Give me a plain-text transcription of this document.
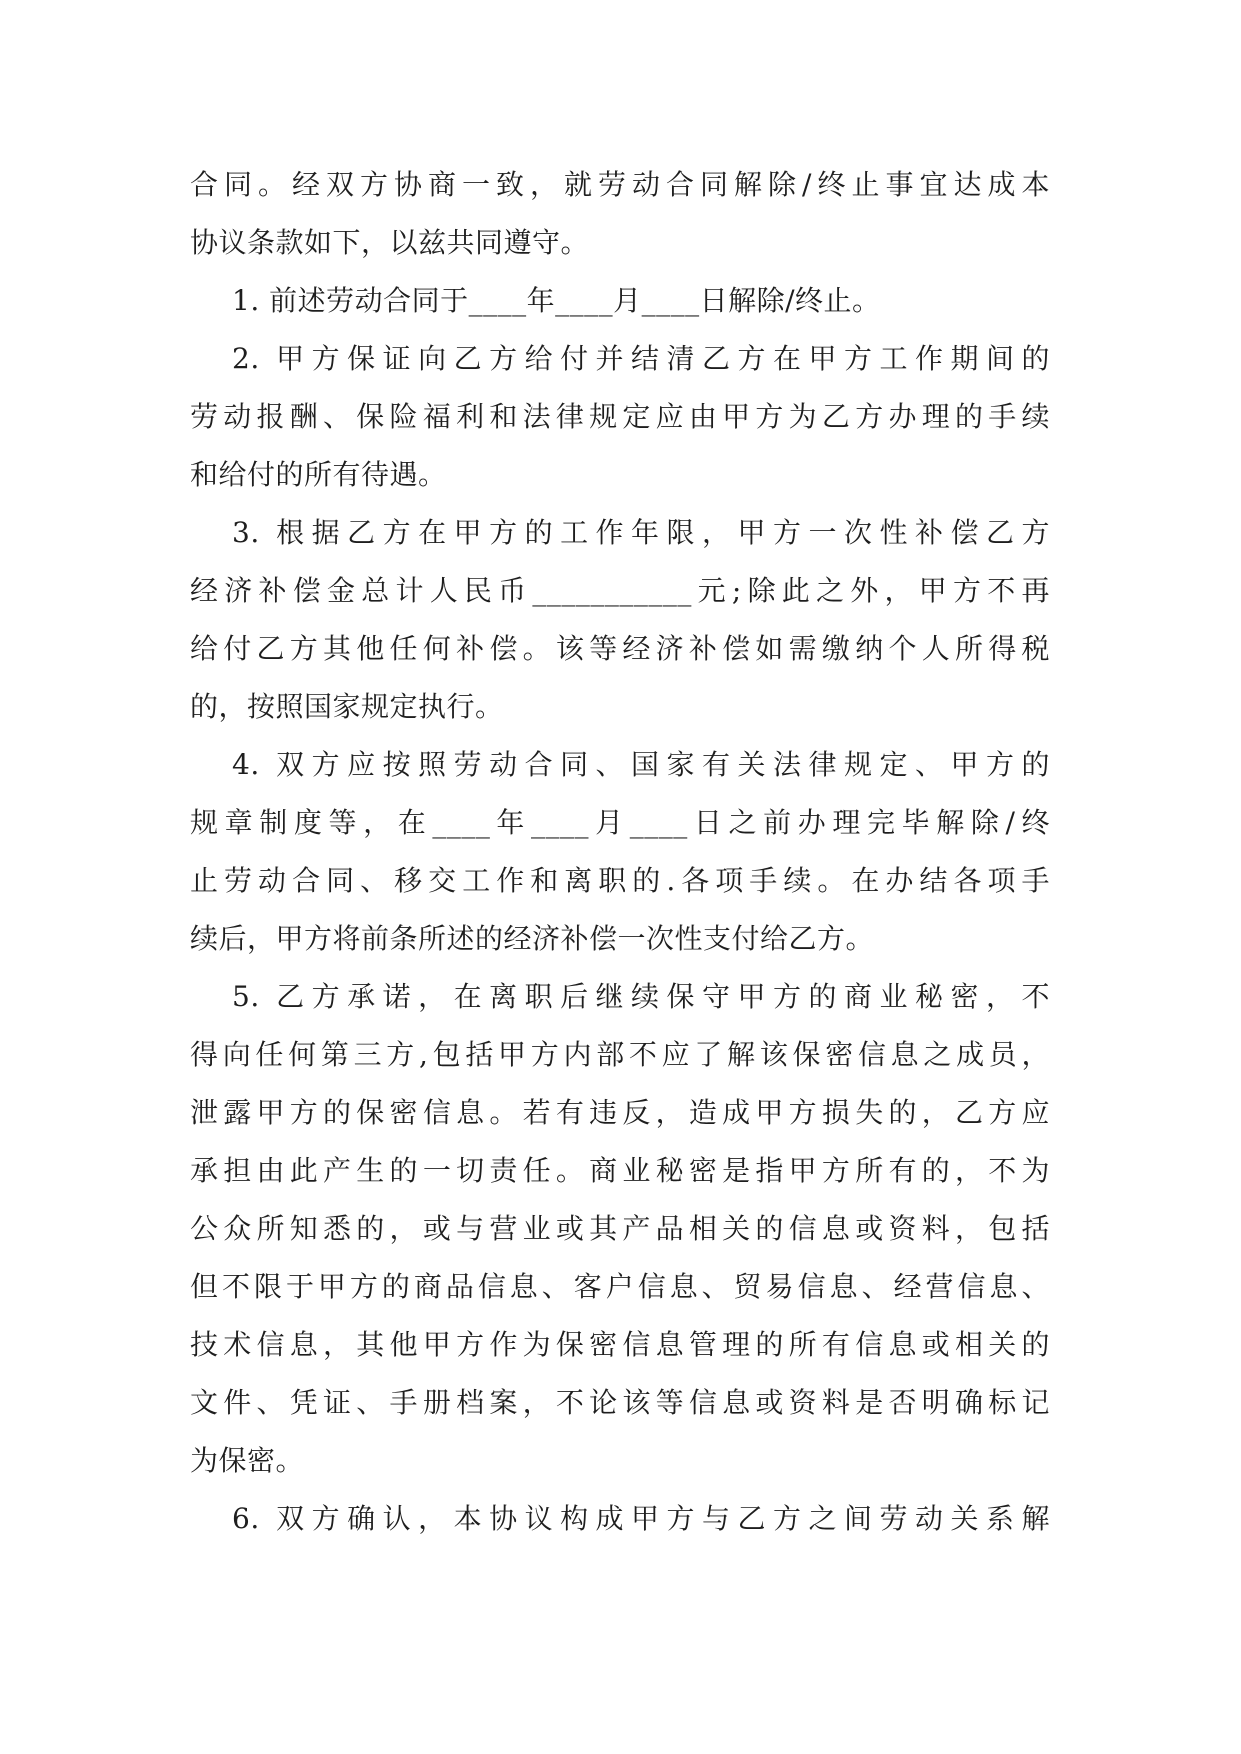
合同。经双方协商一致，就劳动合同解除/终止事宜达成本
协议条款如下，以兹共同遵守。
1. 前述劳动合同于____年____月____日解除/终止。
2. 甲方保证向乙方给付并结清乙方在甲方工作期间的
劳动报酬、保险福利和法律规定应由甲方为乙方办理的手续
和给付的所有待遇。
3. 根据乙方在甲方的工作年限，甲方一次性补偿乙方
经济补偿金总计人民币___________元;除此之外，甲方不再
给付乙方其他任何补偿。该等经济补偿如需缴纳个人所得税
的，按照国家规定执行。
4. 双方应按照劳动合同、国家有关法律规定、甲方的
规章制度等，在____年____月____日之前办理完毕解除/终
止劳动合同、移交工作和离职的.各项手续。在办结各项手
续后，甲方将前条所述的经济补偿一次性支付给乙方。
5. 乙方承诺，在离职后继续保守甲方的商业秘密，不
得向任何第三方,包括甲方内部不应了解该保密信息之成员，
泄露甲方的保密信息。若有违反，造成甲方损失的，乙方应
承担由此产生的一切责任。商业秘密是指甲方所有的，不为
公众所知悉的，或与营业或其产品相关的信息或资料，包括
但不限于甲方的商品信息、客户信息、贸易信息、经营信息、
技术信息，其他甲方作为保密信息管理的所有信息或相关的
文件、凭证、手册档案，不论该等信息或资料是否明确标记
为保密。
6. 双方确认，本协议构成甲方与乙方之间劳动关系解
